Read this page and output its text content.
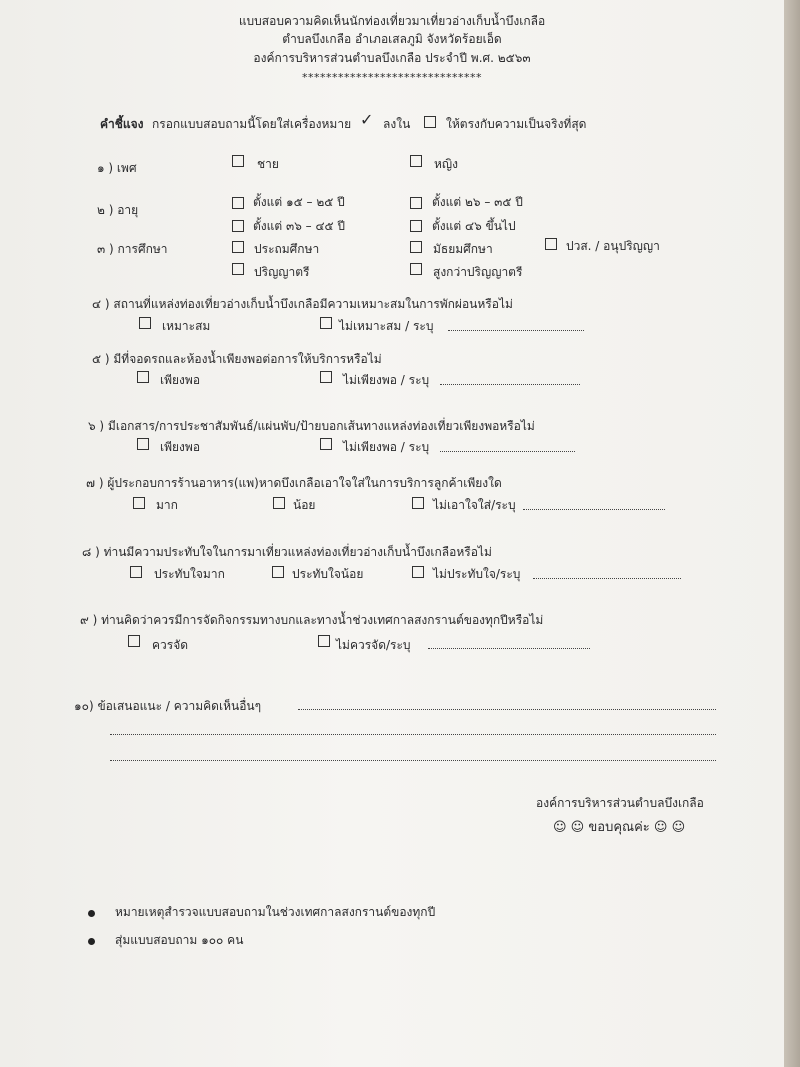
แบบสอบความคิดเห็นนักท่องเที่ยวมาเที่ยวอ่างเก็บน้ำบึงเกลือ
ตำบลบึงเกลือ อำเภอเสลภูมิ จังหวัดร้อยเอ็ด
องค์การบริหารส่วนตำบลบึงเกลือ ประจำปี พ.ศ. ๒๕๖๓
******************************
คำชี้แจง กรอกแบบสอบถามนี้โดยใส่เครื่องหมาย ✓ ลงใน	ให้ตรงกับความเป็นจริงที่สุด
๑ ) เพศ	ชาย	หญิง
๒ ) อายุ
ตั้งแต่ ๑๕ – ๒๕ ปี	ตั้งแต่ ๒๖ – ๓๕ ปี
ตั้งแต่ ๓๖ – ๔๕ ปี	ตั้งแต่ ๔๖ ขึ้นไป
๓ ) การศึกษา	ประถมศึกษา	มัธยมศึกษา	ปวส. / อนุปริญญา
ปริญญาตรี	สูงกว่าปริญญาตรี
๔ ) สถานที่แหล่งท่องเที่ยวอ่างเก็บน้ำบึงเกลือมีความเหมาะสมในการพักผ่อนหรือไม่
เหมาะสม	ไม่เหมาะสม / ระบุ
๕ ) มีที่จอดรถและห้องน้ำเพียงพอต่อการให้บริการหรือไม่
เพียงพอ	ไม่เพียงพอ / ระบุ
๖ ) มีเอกสาร/การประชาสัมพันธ์/แผ่นพับ/ป้ายบอกเส้นทางแหล่งท่องเที่ยวเพียงพอหรือไม่
เพียงพอ	ไม่เพียงพอ / ระบุ
๗ ) ผู้ประกอบการร้านอาหาร(แพ)หาดบึงเกลือเอาใจใส่ในการบริการลูกค้าเพียงใด
มาก	น้อย	ไม่เอาใจใส่/ระบุ
๘ ) ท่านมีความประทับใจในการมาเที่ยวแหล่งท่องเที่ยวอ่างเก็บน้ำบึงเกลือหรือไม่
ประทับใจมาก	ประทับใจน้อย	ไม่ประทับใจ/ระบุ
๙ ) ท่านคิดว่าควรมีการจัดกิจกรรมทางบกและทางน้ำช่วงเทศกาลสงกรานต์ของทุกปีหรือไม่
ควรจัด	ไม่ควรจัด/ระบุ
๑๐) ข้อเสนอแนะ / ความคิดเห็นอื่นๆ
องค์การบริหารส่วนตำบลบึงเกลือ
☺ ☺ ขอบคุณค่ะ ☺ ☺
หมายเหตุสำรวจแบบสอบถามในช่วงเทศกาลสงกรานต์ของทุกปี
สุ่มแบบสอบถาม ๑๐๐ คน
